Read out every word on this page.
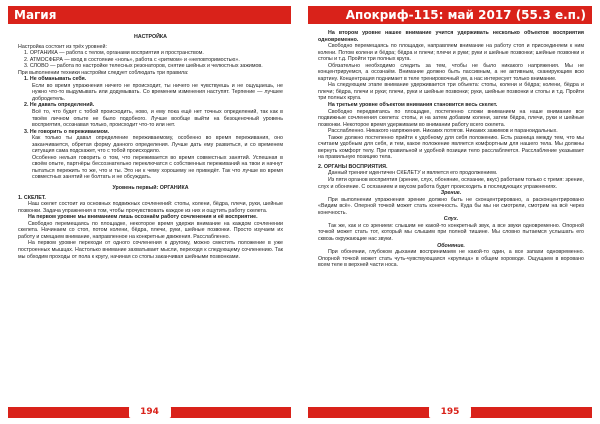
Магия

НАСТРОЙКА

Настройка состоит из трёх уровней:

1. ОРГАНИКА — работа с телом, органами восприятия и пространством.

2. АТМОСФЕРА — вход в состояние «ноль», работа с «ритмом» и «неповторимостью».

3. СЛОВО — работа по настройке телесных резонаторов, снятие шейных и челюстных зажимов.

При выполнении техники настройки следует соблюдать три правила:

1. Не обманывать себя.

Если во время упражнения ничего не происходит, ты ничего не чувствуешь и не ощущаешь, не нужно что-то выдумывать или додумывать. Со временем изменения наступят. Терпение — лучшее добродетель.

2. Не давать определений.

Всё то, что будет с тобой происходить, ново, и ему пока ещё нет точных определений, так как в твоём личном опыте не было подобного. Лучше вообще выйти на безоценочный уровень восприятия, осознавая только, происходит что-то или нет.

3. Не говорить о переживаемом.

Как только ты давал определение переживаемому, особенно во время переживания, оно заканчивается, обретая форму данного определения. Лучше дать ему развиться, и со временем ситуация сама подскажет, что с тобой происходило.

Особенно нельзя говорить о том, что переживается во время совместных занятий. Успешная в своём опыте, партнёры бессознательно переключатся с собственных переживаний на твои и начнут пытаться пережить то же, что и ты. Это ни к чему хорошему не приведёт. Так что лучше во время совместных занятий не болтать и не обсуждать.

Уровень первый: ОРГАНИКА

1. СКЕЛЕТ.

Наш скелет состоит из основных подвижных сочленений: стопы, колени, бёдра, плечи, руки, шейные позвонки. Задача упражнения в том, чтобы прочувствовать каждое из них и ощутить работу скелета.

На первом уровне мы вниманием лишь осознаём работу сочленения и её восприятие.

Свободно перемещаясь по площадке, некоторое время удержи внимание на каждом сочленении скелета. Начинаем со стоп, потом колени, бёдра, плечи, руки, шейные позвонки. Просто изучаем их работу и смещаем внимание, направленное на конкретные движения. Расслабленно.

На первом уровне переходи от одного сочленения к другому, можно сместить положение в уже построенных мышцах. Настолько внимание захватывает мысли, переходя к следующему сочленению. Так мы обходим проходы от пола к кругу, начиная со стопы заканчивая шейными позвонками.

194
Апокриф-115: май 2017 (55.3 е.п.)

На втором уровне нашее внимание учится удерживать несколько объектов восприятия одновременно.

Свободно перемещаясь по площадке, направляем внимание на работу стоп и присоединяем к ним колени. Потом колени и бёдра; бёдра и плечи; плечи и руки; руки и шейные позвонки; шейные позвонки и стопы и т.д. Пройти три полных круга.

Обязательно необходимо следить за тем, чтобы не было никакого напряжения. Мы не концентрируемся, а осознаём. Внимание должно быть пассивным, а не активным, сканирующим всю картину. Концентрация поднимает в теле тренировочный ум, а нас интересует только внимание.

На следующем этапе внимание удерживается три объекта: стопы, колени и бёдра; колени, бёдра и плечи; бёдра, плечи и руки; плечи, руки и шейные позвонки; руки, шейные позвонки и стопы и т.д. Пройти три полных круга.

На третьем уровне объектом внимания становится весь скелет.

Свободно передвигаясь по площадке, постепенно сложи вниманием на наше внимание все подвижные сочленения скелета: стопы, и на затем добавим колени, затем бёдра, плечи, руки и шейные позвонки. Некоторое время удерживаем во внимании работу всего скелета.

Расслабленно. Никакого напряжения. Никаких потягов. Никаких зажимов и параноидальных.

Также должно постепенно прийти к удобному для себя положению. Есть разница между тем, что мы считаем удобным для себя, и тем, какое положение является комфортным для нашего тела. Мы должны вернуть комфорт телу. При правильной и удобной позиции тело расслабляется. Расслабление указывает на правильную позицию тела.

2. ОРГАНЫ ВОСПРИЯТИЯ.

Данный тренинг идентичен СКЕЛЕТУ и является его продолжением.

Из пяти органов восприятия (зрение, слух, обоняние, осязание, вкус) работаем только с тремя: зрение, слух и обоняние. С осязанием и вкусом работа будет происходить в последующих упражнениях.

Зрение.

При выполнении упражнения зрение должно быть не сконцентрировано, а расконцентрировано «Видим всё». Оперной точкой может стать конечность. Куда бы мы ни смотрели, смотрим на всё через конечность.

Слух.

Так же, как и со зрением: слышим не какой-то конкретный звук, а все звуки одновременно. Опорной точкой может стать тот, который мы слышим при полной тишине. Мы словно пытаемся услышать его сквозь окружающие нас звуки.

Обоняние.

При обонянии, глубоком дыхании воспринимаем не какой-то один, а все запахи одновременно. Опорной точкой может стать чуть-чувствующаяся «крупица» в общем хороводе. Ощущаем в воровано всем теле в верхней части носа.

195
